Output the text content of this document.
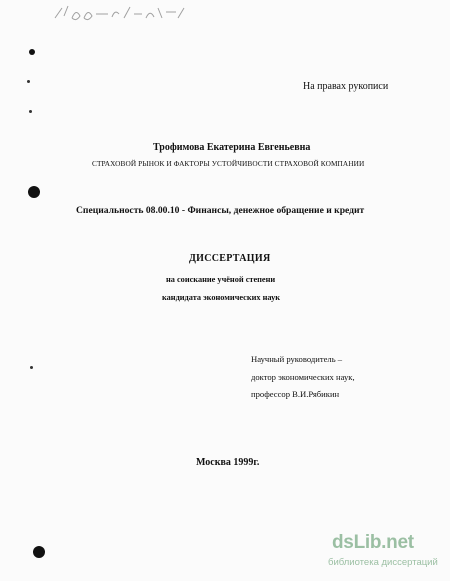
На правах рукописи
Трофимова Екатерина Евгеньевна
СТРАХОВОЙ РЫНОК И ФАКТОРЫ УСТОЙЧИВОСТИ СТРАХОВОЙ КОМПАНИИ
Специальность 08.00.10 - Финансы, денежное обращение и кредит
ДИССЕРТАЦИЯ
на соискание учёной степени
кандидата экономических наук
Научный руководитель –
доктор экономических наук,
профессор В.И.Рябикин
Москва 1999г.
dsLib.net
библиотека диссертаций
